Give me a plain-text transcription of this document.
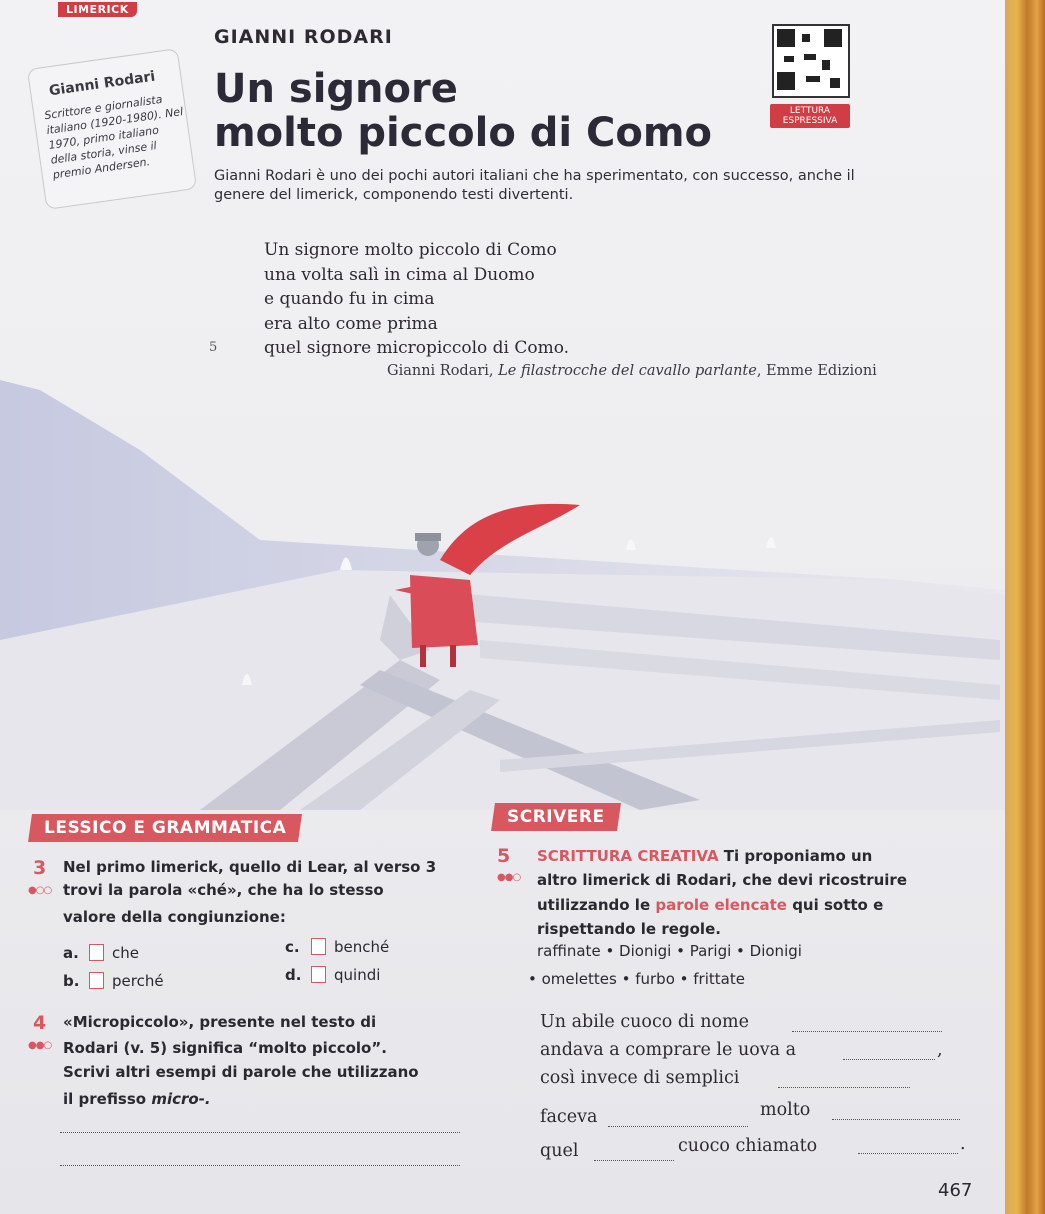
LIMERICK
Gianni Rodari
Scrittore e giornalista italiano (1920-1980). Nel 1970, primo italiano della storia, vinse il premio Andersen.
GIANNI RODARI
Un signore
molto piccolo di Como	LETTURA
ESPRESSIVA
Gianni Rodari è uno dei pochi autori italiani che ha sperimentato, con successo, anche il genere del limerick, componendo testi divertenti.
Un signore molto piccolo di Como
una volta salì in cima al Duomo
e quando fu in cima
era alto come prima
quel signore micropiccolo di Como.
5
Gianni Rodari, Le filastrocche del cavallo parlante, Emme Edizioni
LESSICO E GRAMMATICA
3
●○○
Nel primo limerick, quello di Lear, al verso 3
trovi la parola «ché», che ha lo stesso
valore della congiunzione:
a. che
b. perché
c. benché
d. quindi
4
●●○
«Micropiccolo», presente nel testo di
Rodari (v. 5) significa “molto piccolo”.
Scrivi altri esempi di parole che utilizzano
il prefisso micro-.
SCRIVERE
5
●●○
SCRITTURA CREATIVA Ti proponiamo un
altro limerick di Rodari, che devi ricostruire
utilizzando le parole elencate qui sotto e
rispettando le regole.
raffinate • Dionigi • Parigi • Dionigi
• omelettes • furbo • frittate
Un abile cuoco di nome
andava a comprare le uova a	,
così invece di semplici
faceva	molto
quel	cuoco chiamato	.
467
